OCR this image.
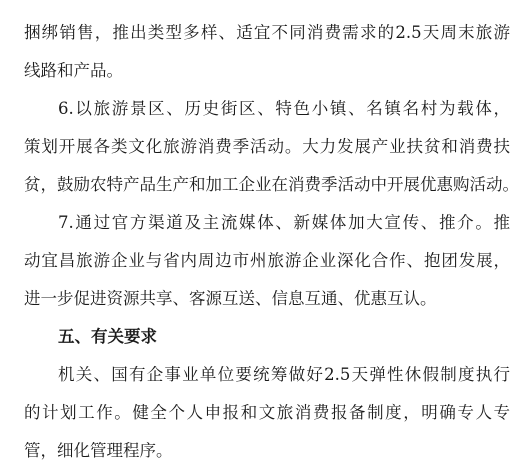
捆绑销售，推出类型多样、适宜不同消费需求的2.5天周末旅游
线路和产品。
6.以旅游景区、历史街区、特色小镇、名镇名村为载体，
策划开展各类文化旅游消费季活动。大力发展产业扶贫和消费扶
贫，鼓励农特产品生产和加工企业在消费季活动中开展优惠购活动。
7.通过官方渠道及主流媒体、新媒体加大宣传、推介。推
动宜昌旅游企业与省内周边市州旅游企业深化合作、抱团发展，
进一步促进资源共享、客源互送、信息互通、优惠互认。
五、有关要求
机关、国有企事业单位要统筹做好2.5天弹性休假制度执行
的计划工作。健全个人申报和文旅消费报备制度，明确专人专
管，细化管理程序。
